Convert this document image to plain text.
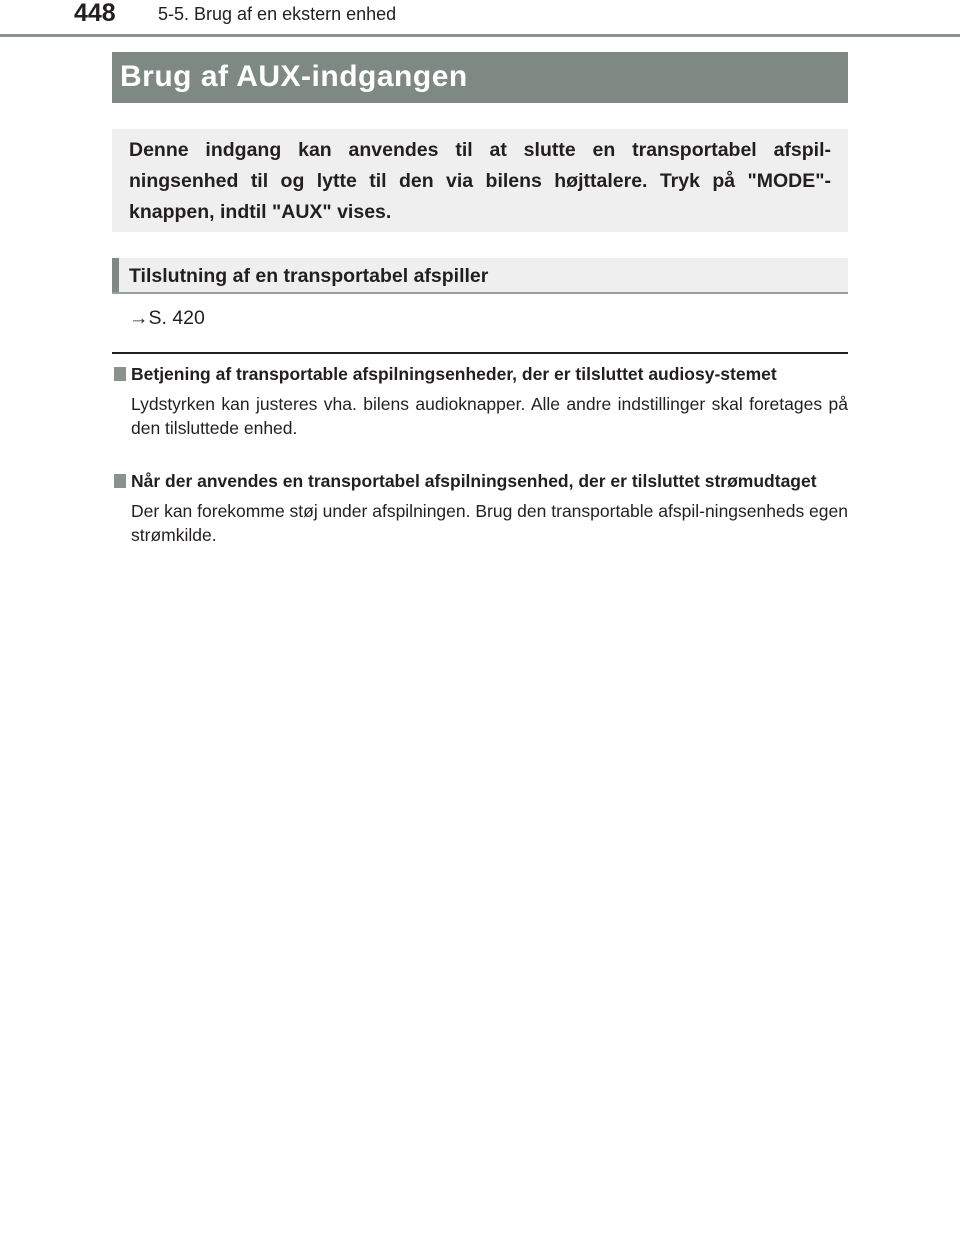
448 5-5. Brug af en ekstern enhed
Brug af AUX-indgangen

Denne indgang kan anvendes til at slutte en transportabel afspil-ningsenhed til og lytte til den via bilens højttalere. Tryk på "MODE"-knappen, indtil "AUX" vises.

Tilslutning af en transportabel afspiller
→S. 420
Betjening af transportable afspilningsenheder, der er tilsluttet audiosy-stemet

Lydstyrken kan justeres vha. bilens audioknapper. Alle andre indstillinger skal foretages på den tilsluttede enhed.

Når der anvendes en transportabel afspilningsenhed, der er tilsluttet strømudtaget

Der kan forekomme støj under afspilningen. Brug den transportable afspil-ningsenheds egen strømkilde.
